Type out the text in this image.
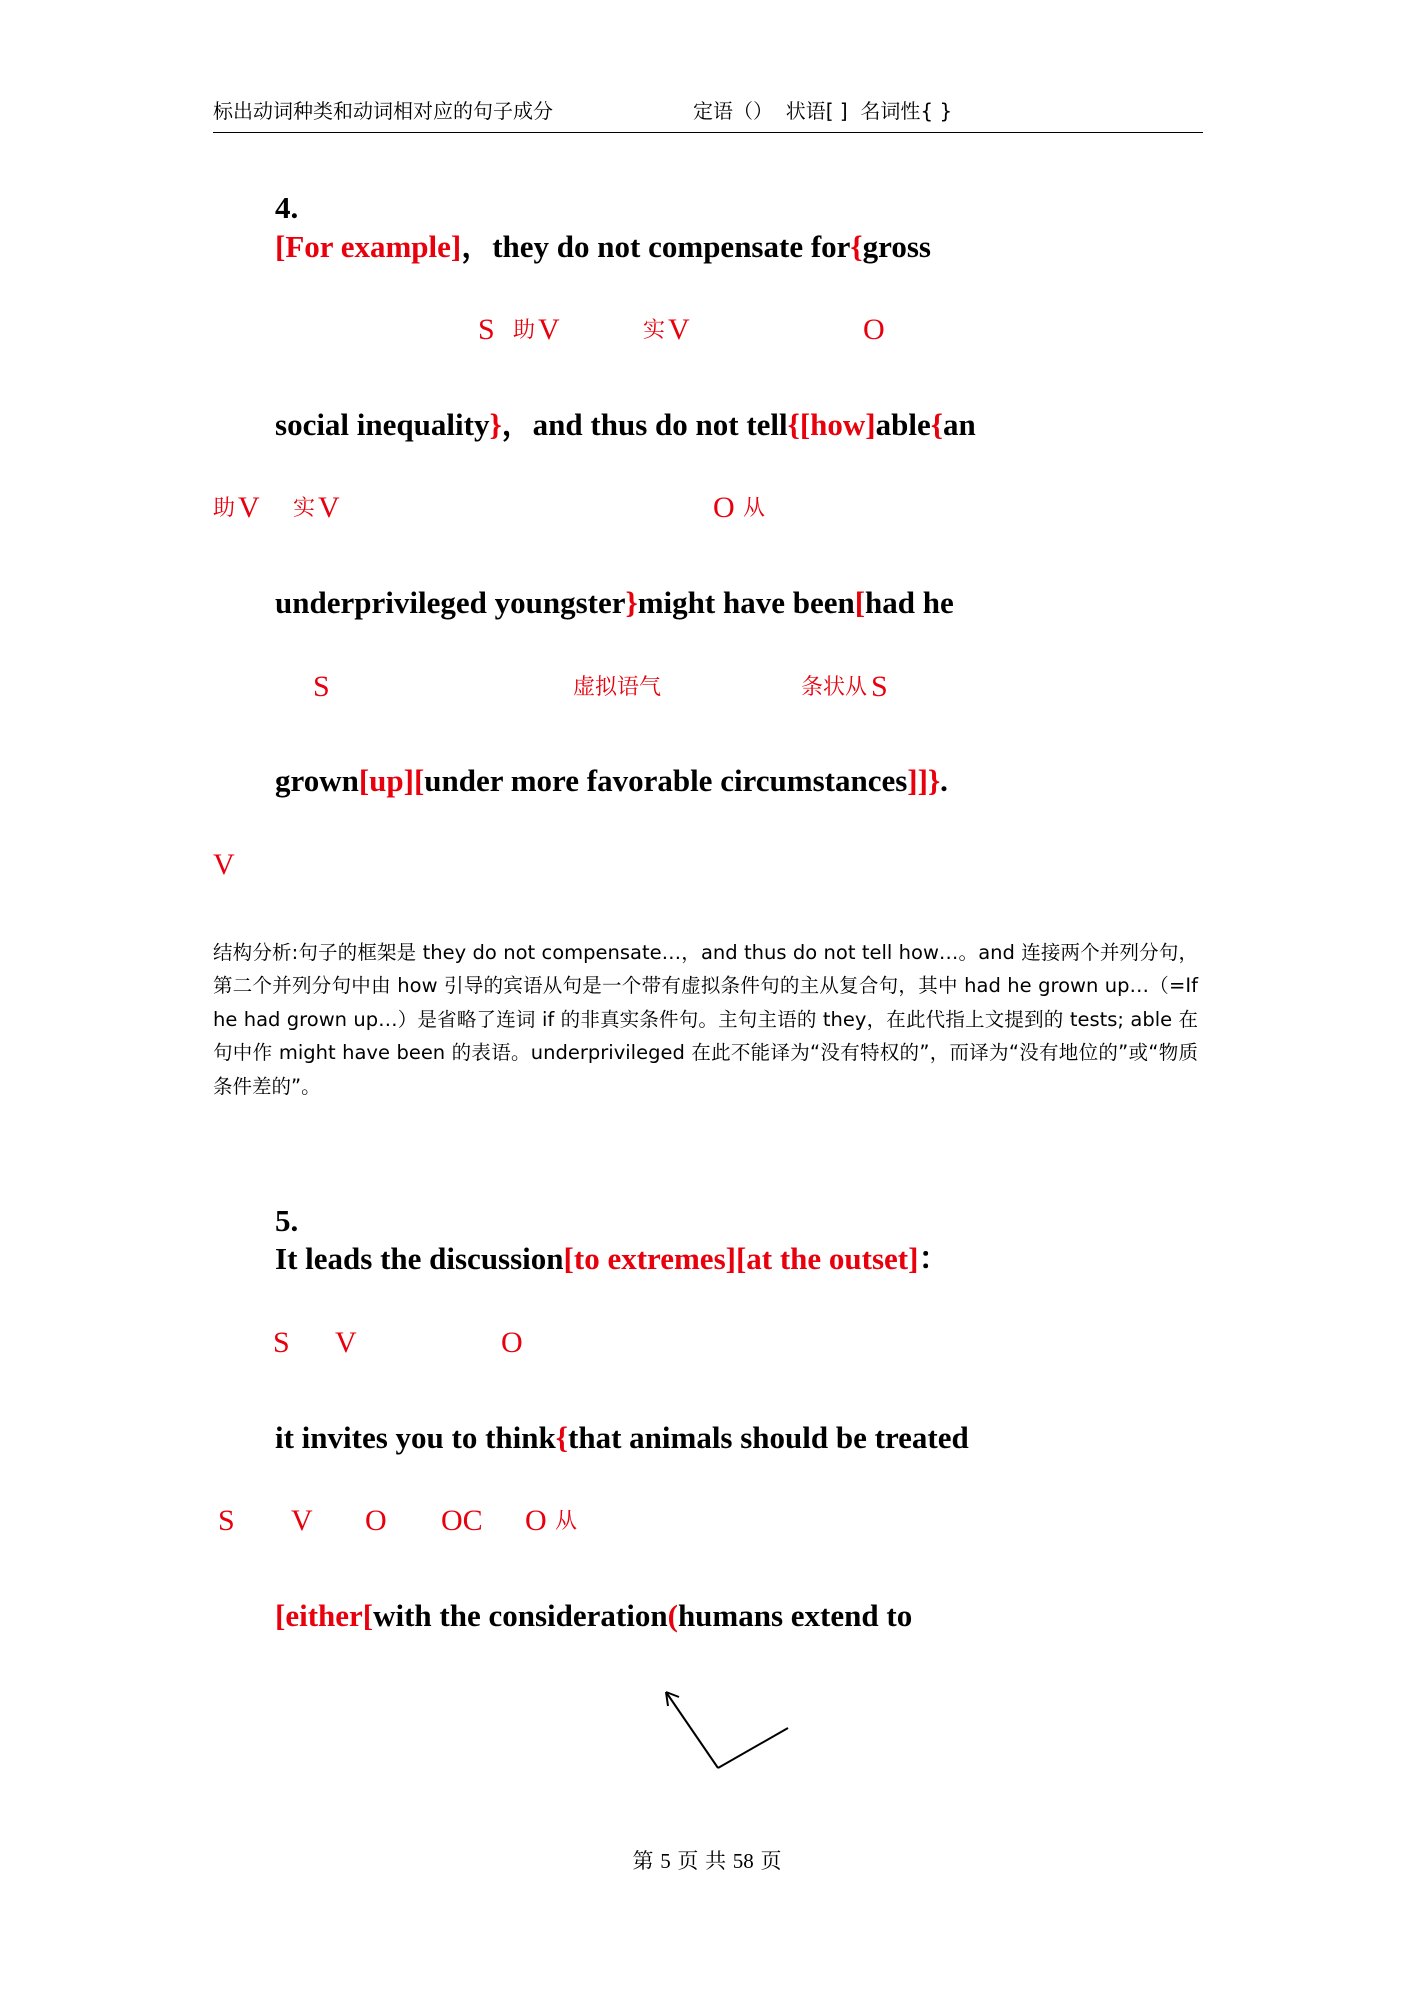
标出动词种类和动词相对应的句子成分	定语（） 状语[ ] 名词性{ }

4.
[For example]，they do not compensate for{gross

S 助 V	实 V	O

social inequality}，and thus do not tell{[how]able{an

助 V 实 V	O 从

underprivileged youngster}might have been[had he

S	虚拟语气	条状从 S

grown[up][under more favorable circumstances]]}.

V

结构分析:句子的框架是 they do not compensate…，and thus do not tell how…。and 连接两个并列分句，第二个并列分句中由 how 引导的宾语从句是一个带有虚拟条件句的主从复合句，其中 had he grown up…（=If he had grown up…）是省略了连词 if 的非真实条件句。主句主语的 they，在此代指上文提到的 tests; able 在句中作 might have been 的表语。underprivileged 在此不能译为“没有特权的”，而译为“没有地位的”或“物质条件差的”。

5.
It leads the discussion[to extremes][at the outset]：

S V	O

it invites you to think{that animals should be treated

S V O OC O 从

[either[with the consideration(humans extend to

第 5 页 共 58 页
